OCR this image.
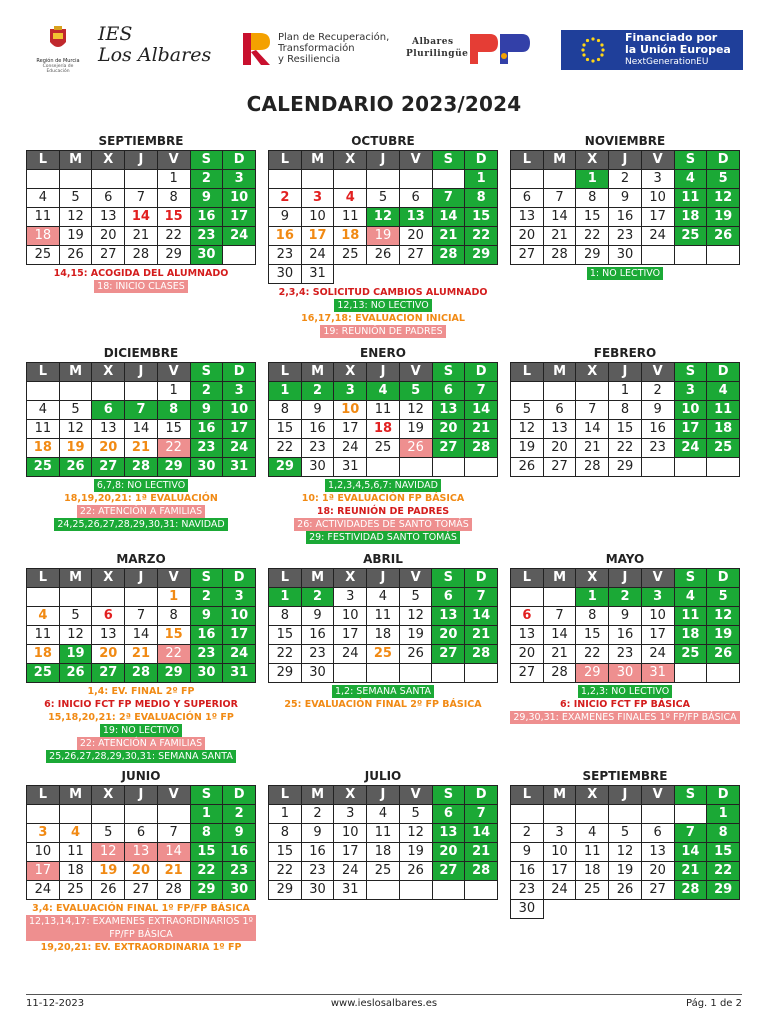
Región de Murcia
Consejería de Educación
IES
Los Albares
Plan de Recuperación,
Transformación
y Resiliencia
Albares
Plurilingüe
Financiado por
la Unión Europea
NextGenerationEU
CALENDARIO 2023/2024
SEPTIEMBRE
L	M	X	J	V	S	D
				1	2	3
4	5	6	7	8	9	10
11	12	13	14	15	16	17
18	19	20	21	22	23	24
25	26	27	28	29	30	
14,15: ACOGIDA DEL ALUMNADO
18: INICIO CLASES
OCTUBRE
L	M	X	J	V	S	D
						1
2	3	4	5	6	7	8
9	10	11	12	13	14	15
16	17	18	19	20	21	22
23	24	25	26	27	28	29
30	31					
2,3,4: SOLICITUD CAMBIOS ALUMNADO
12,13: NO LECTIVO
16,17,18: EVALUACION INICIAL
19: REUNIÓN DE PADRES
NOVIEMBRE
L	M	X	J	V	S	D
		1	2	3	4	5
6	7	8	9	10	11	12
13	14	15	16	17	18	19
20	21	22	23	24	25	26
27	28	29	30			
1: NO LECTIVO
DICIEMBRE
L	M	X	J	V	S	D
				1	2	3
4	5	6	7	8	9	10
11	12	13	14	15	16	17
18	19	20	21	22	23	24
25	26	27	28	29	30	31
6,7,8: NO LECTIVO
18,19,20,21: 1ª EVALUACIÓN
22: ATENCIÓN A FAMILIAS
24,25,26,27,28,29,30,31: NAVIDAD
ENERO
L	M	X	J	V	S	D
1	2	3	4	5	6	7
8	9	10	11	12	13	14
15	16	17	18	19	20	21
22	23	24	25	26	27	28
29	30	31				
1,2,3,4,5,6,7: NAVIDAD
10: 1ª EVALUACIÓN FP BÁSICA
18: REUNIÓN DE PADRES
26: ACTIVIDADES DE SANTO TOMÁS
29: FESTIVIDAD SANTO TOMÁS
FEBRERO
L	M	X	J	V	S	D
			1	2	3	4
5	6	7	8	9	10	11
12	13	14	15	16	17	18
19	20	21	22	23	24	25
26	27	28	29			
MARZO
L	M	X	J	V	S	D
				1	2	3
4	5	6	7	8	9	10
11	12	13	14	15	16	17
18	19	20	21	22	23	24
25	26	27	28	29	30	31
1,4: EV. FINAL 2º FP
6: INICIO FCT FP MEDIO Y SUPERIOR
15,18,20,21: 2ª EVALUACIÓN 1º FP
19: NO LECTIVO
22: ATENCIÓN A FAMILIAS
25,26,27,28,29,30,31: SEMANA SANTA
ABRIL
L	M	X	J	V	S	D
1	2	3	4	5	6	7
8	9	10	11	12	13	14
15	16	17	18	19	20	21
22	23	24	25	26	27	28
29	30					
1,2: SEMANA SANTA
25: EVALUACIÓN FINAL 2º FP BÁSICA
MAYO
L	M	X	J	V	S	D
		1	2	3	4	5
6	7	8	9	10	11	12
13	14	15	16	17	18	19
20	21	22	23	24	25	26
27	28	29	30	31		
1,2,3: NO LECTIVO
6: INICIO FCT FP BÁSICA
29,30,31: EXAMENES FINALES 1º FP/FP BÁSICA
JUNIO
L	M	X	J	V	S	D
					1	2
3	4	5	6	7	8	9
10	11	12	13	14	15	16
17	18	19	20	21	22	23
24	25	26	27	28	29	30
3,4: EVALUACIÓN FINAL 1º FP/FP BÁSICA
12,13,14,17: EXAMENES EXTRAORDINARIOS 1º FP/FP BÁSICA
19,20,21: EV. EXTRAORDINARIA 1º FP
JULIO
L	M	X	J	V	S	D
1	2	3	4	5	6	7
8	9	10	11	12	13	14
15	16	17	18	19	20	21
22	23	24	25	26	27	28
29	30	31				
SEPTIEMBRE
L	M	X	J	V	S	D
						1
2	3	4	5	6	7	8
9	10	11	12	13	14	15
16	17	18	19	20	21	22
23	24	25	26	27	28	29
30						
11-12-2023	www.ieslosalbares.es	Pág. 1 de 2
